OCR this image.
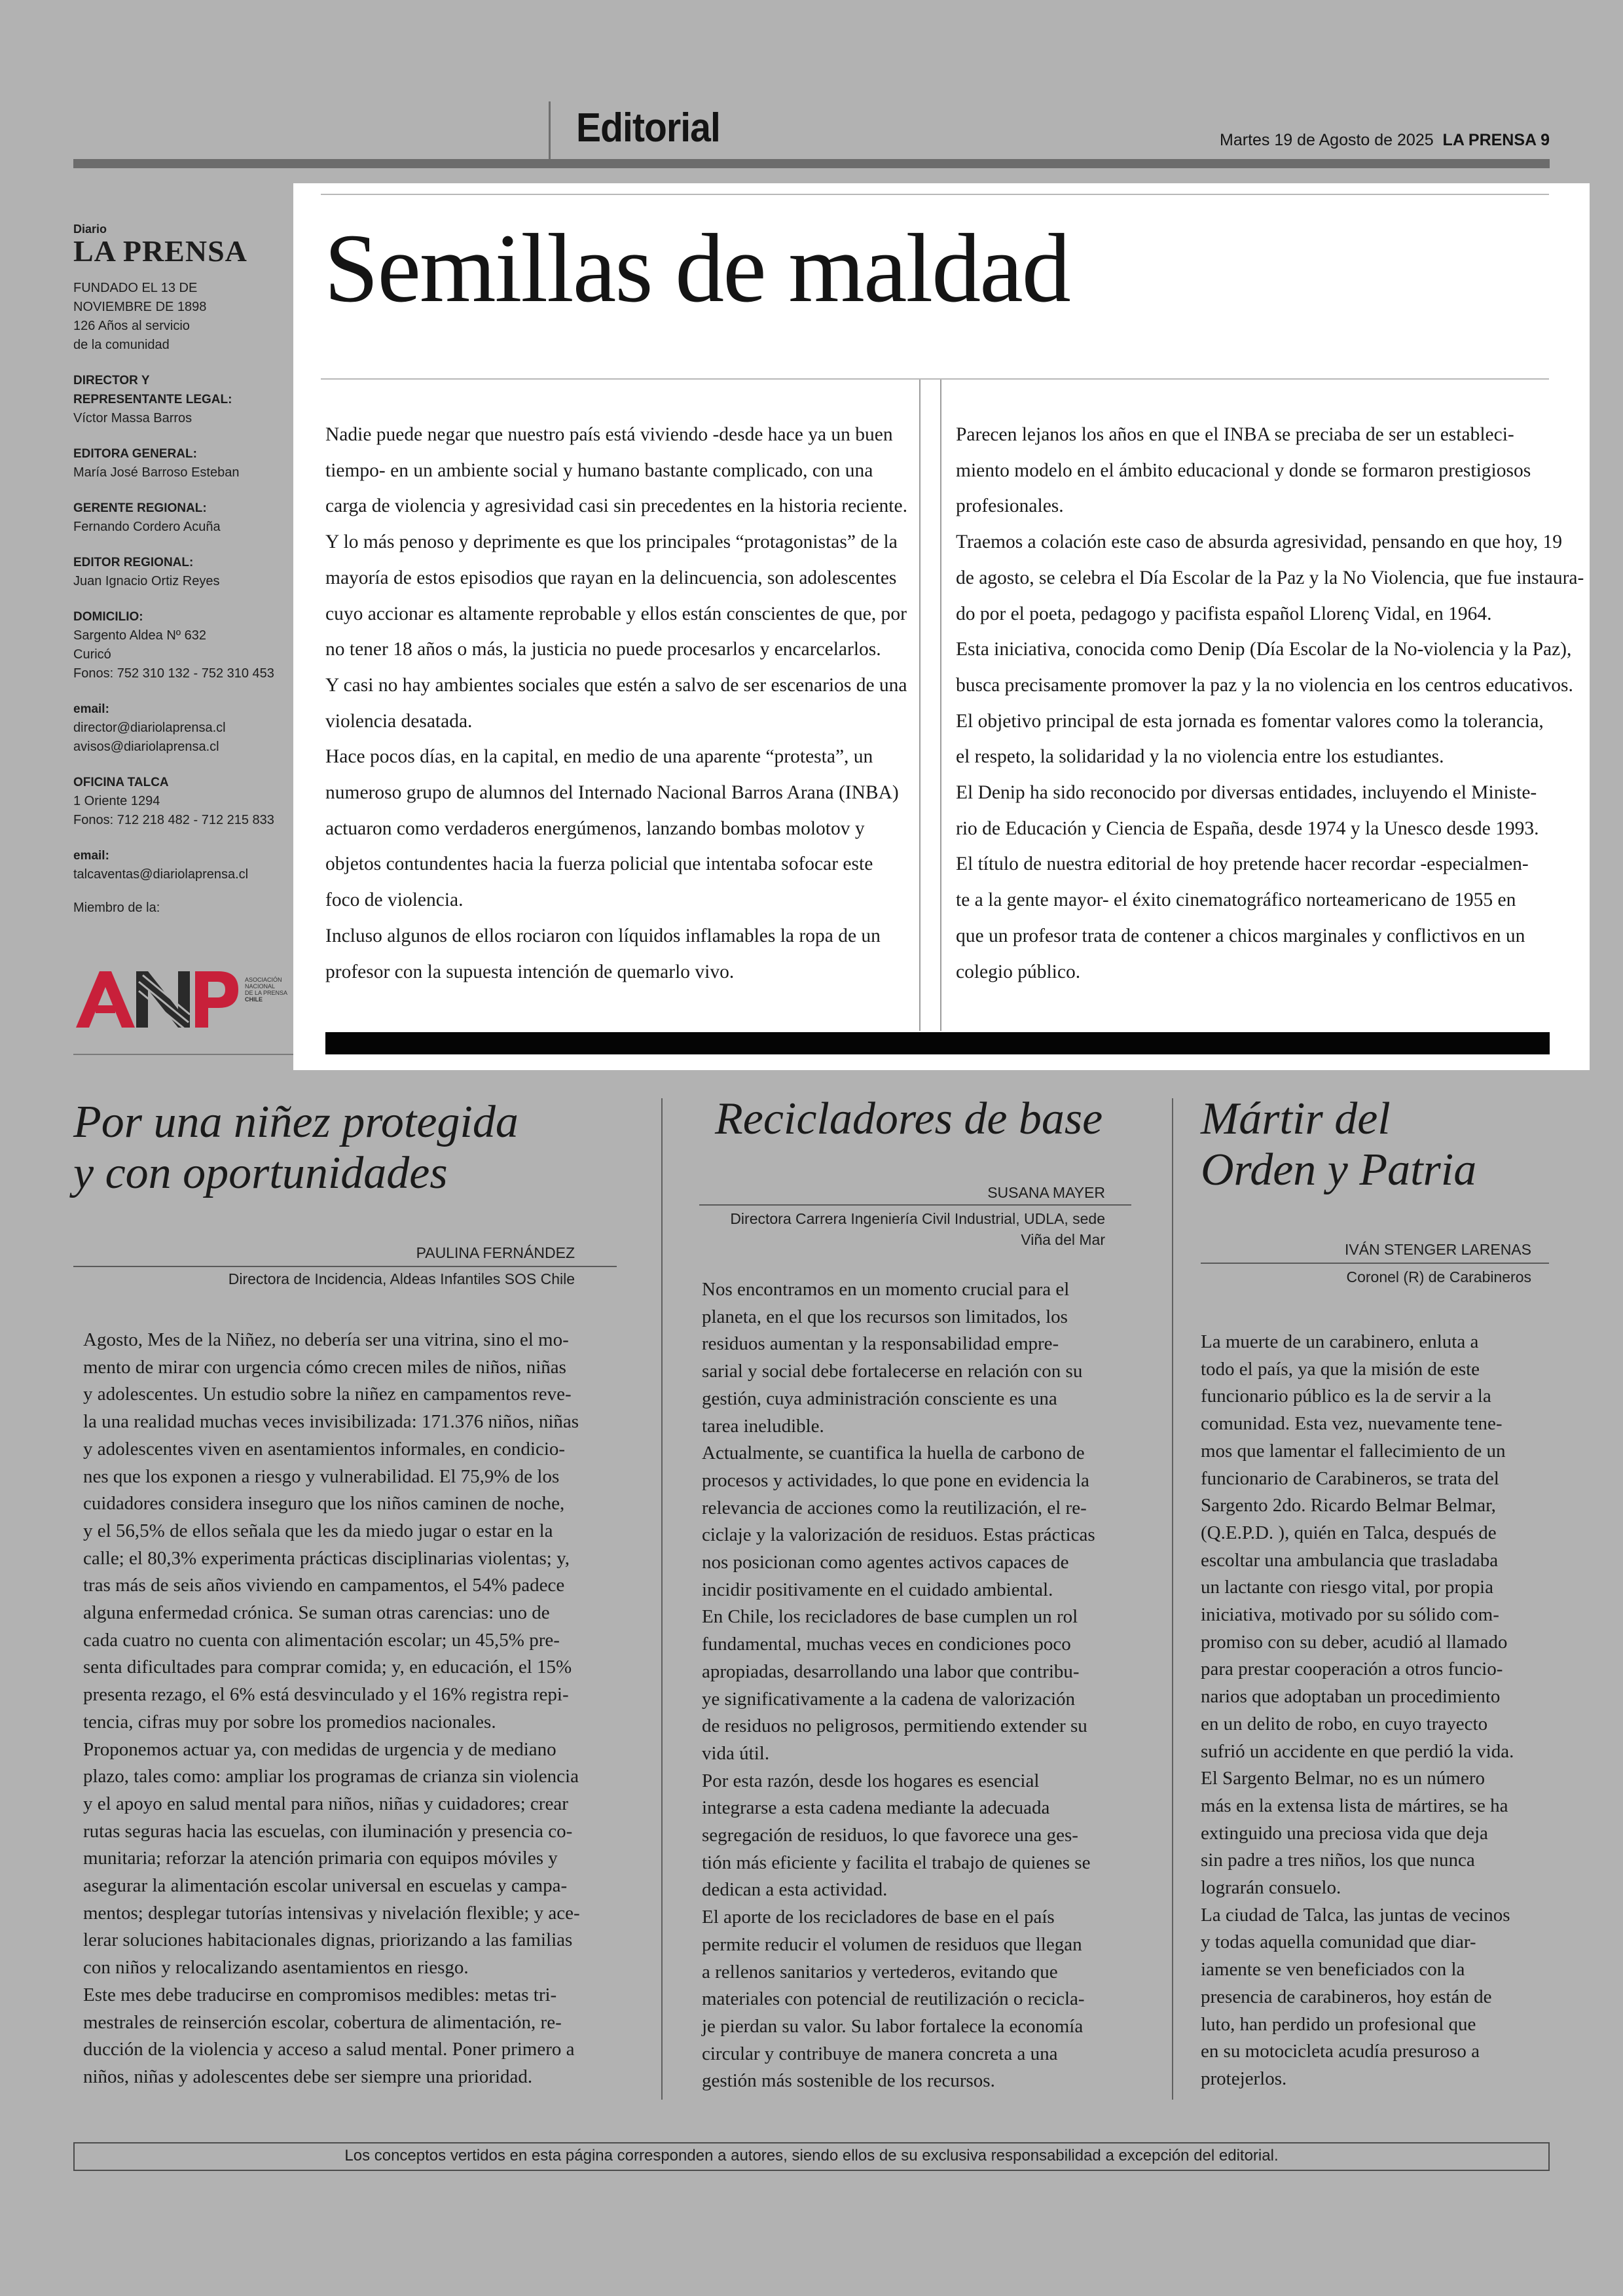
Editorial	Martes 19 de Agosto de 2025 LA PRENSA 9
Diario
LA PRENSA
FUNDADO EL 13 DE
NOVIEMBRE DE 1898
126 Años al servicio
de la comunidad
DIRECTOR Y
REPRESENTANTE LEGAL:
Víctor Massa Barros
EDITORA GENERAL:
María José Barroso Esteban
GERENTE REGIONAL:
Fernando Cordero Acuña
EDITOR REGIONAL:
Juan Ignacio Ortiz Reyes
DOMICILIO:
Sargento Aldea Nº 632
Curicó
Fonos: 752 310 132 - 752 310 453
email:
director@diariolaprensa.cl
avisos@diariolaprensa.cl
OFICINA TALCA
1 Oriente 1294
Fonos: 712 218 482 - 712 215 833
email:
talcaventas@diariolaprensa.cl
Miembro de la:
ASOCIACIÓN
NACIONAL
DE LA PRENSA
CHILE
Semillas de maldad

Nadie puede negar que nuestro país está viviendo -desde hace ya un buen

tiempo- en un ambiente social y humano bastante complicado, con una

carga de violencia y agresividad casi sin precedentes en la historia reciente.

Y lo más penoso y deprimente es que los principales “protagonistas” de la

mayoría de estos episodios que rayan en la delincuencia, son adolescentes

cuyo accionar es altamente reprobable y ellos están conscientes de que, por

no tener 18 años o más, la justicia no puede procesarlos y encarcelarlos.

Y casi no hay ambientes sociales que estén a salvo de ser escenarios de una

violencia desatada.

Hace pocos días, en la capital, en medio de una aparente “protesta”, un

numeroso grupo de alumnos del Internado Nacional Barros Arana (INBA)

actuaron como verdaderos energúmenos, lanzando bombas molotov y

objetos contundentes hacia la fuerza policial que intentaba sofocar este

foco de violencia.

Incluso algunos de ellos rociaron con líquidos inflamables la ropa de un

profesor con la supuesta intención de quemarlo vivo.

Parecen lejanos los años en que el INBA se preciaba de ser un estableci-

miento modelo en el ámbito educacional y donde se formaron prestigiosos

profesionales.

Traemos a colación este caso de absurda agresividad, pensando en que hoy, 19

de agosto, se celebra el Día Escolar de la Paz y la No Violencia, que fue instaura-

do por el poeta, pedagogo y pacifista español Llorenç Vidal, en 1964.

Esta iniciativa, conocida como Denip (Día Escolar de la No-violencia y la Paz),

busca precisamente promover la paz y la no violencia en los centros educativos.

El objetivo principal de esta jornada es fomentar valores como la tolerancia,

el respeto, la solidaridad y la no violencia entre los estudiantes.

El Denip ha sido reconocido por diversas entidades, incluyendo el Ministe-

rio de Educación y Ciencia de España, desde 1974 y la Unesco desde 1993.

El título de nuestra editorial de hoy pretende hacer recordar -especialmen-

te a la gente mayor- el éxito cinematográfico norteamericano de 1955 en

que un profesor trata de contener a chicos marginales y conflictivos en un

colegio público.

Por una niñez protegida
y con oportunidades
PAULINA FERNÁNDEZ
Directora de Incidencia, Aldeas Infantiles SOS Chile

Agosto, Mes de la Niñez, no debería ser una vitrina, sino el mo-

mento de mirar con urgencia cómo crecen miles de niños, niñas

y adolescentes. Un estudio sobre la niñez en campamentos reve-

la una realidad muchas veces invisibilizada: 171.376 niños, niñas

y adolescentes viven en asentamientos informales, en condicio-

nes que los exponen a riesgo y vulnerabilidad. El 75,9% de los

cuidadores considera inseguro que los niños caminen de noche,

y el 56,5% de ellos señala que les da miedo jugar o estar en la

calle; el 80,3% experimenta prácticas disciplinarias violentas; y,

tras más de seis años viviendo en campamentos, el 54% padece

alguna enfermedad crónica. Se suman otras carencias: uno de

cada cuatro no cuenta con alimentación escolar; un 45,5% pre-

senta dificultades para comprar comida; y, en educación, el 15%

presenta rezago, el 6% está desvinculado y el 16% registra repi-

tencia, cifras muy por sobre los promedios nacionales.

Proponemos actuar ya, con medidas de urgencia y de mediano

plazo, tales como: ampliar los programas de crianza sin violencia

y el apoyo en salud mental para niños, niñas y cuidadores; crear

rutas seguras hacia las escuelas, con iluminación y presencia co-

munitaria; reforzar la atención primaria con equipos móviles y

asegurar la alimentación escolar universal en escuelas y campa-

mentos; desplegar tutorías intensivas y nivelación flexible; y ace-

lerar soluciones habitacionales dignas, priorizando a las familias

con niños y relocalizando asentamientos en riesgo.

Este mes debe traducirse en compromisos medibles: metas tri-

mestrales de reinserción escolar, cobertura de alimentación, re-

ducción de la violencia y acceso a salud mental. Poner primero a

niños, niñas y adolescentes debe ser siempre una prioridad.

Recicladores de base
SUSANA MAYER
Directora Carrera Ingeniería Civil Industrial, UDLA, sede
Viña del Mar

Nos encontramos en un momento crucial para el

planeta, en el que los recursos son limitados, los

residuos aumentan y la responsabilidad empre-

sarial y social debe fortalecerse en relación con su

gestión, cuya administración consciente es una

tarea ineludible.

Actualmente, se cuantifica la huella de carbono de

procesos y actividades, lo que pone en evidencia la

relevancia de acciones como la reutilización, el re-

ciclaje y la valorización de residuos. Estas prácticas

nos posicionan como agentes activos capaces de

incidir positivamente en el cuidado ambiental.

En Chile, los recicladores de base cumplen un rol

fundamental, muchas veces en condiciones poco

apropiadas, desarrollando una labor que contribu-

ye significativamente a la cadena de valorización

de residuos no peligrosos, permitiendo extender su

vida útil.

Por esta razón, desde los hogares es esencial

integrarse a esta cadena mediante la adecuada

segregación de residuos, lo que favorece una ges-

tión más eficiente y facilita el trabajo de quienes se

dedican a esta actividad.

El aporte de los recicladores de base en el país

permite reducir el volumen de residuos que llegan

a rellenos sanitarios y vertederos, evitando que

materiales con potencial de reutilización o recicla-

je pierdan su valor. Su labor fortalece la economía

circular y contribuye de manera concreta a una

gestión más sostenible de los recursos.

Mártir del
Orden y Patria
IVÁN STENGER LARENAS
Coronel (R) de Carabineros

La muerte de un carabinero, enluta a

todo el país, ya que la misión de este

funcionario público es la de servir a la

comunidad. Esta vez, nuevamente tene-

mos que lamentar el fallecimiento de un

funcionario de Carabineros, se trata del

Sargento 2do. Ricardo Belmar Belmar,

(Q.E.P.D. ), quién en Talca, después de

escoltar una ambulancia que trasladaba

un lactante con riesgo vital, por propia

iniciativa, motivado por su sólido com-

promiso con su deber, acudió al llamado

para prestar cooperación a otros funcio-

narios que adoptaban un procedimiento

en un delito de robo, en cuyo trayecto

sufrió un accidente en que perdió la vida.

El Sargento Belmar, no es un número

más en la extensa lista de mártires, se ha

extinguido una preciosa vida que deja

sin padre a tres niños, los que nunca

lograrán consuelo.

La ciudad de Talca, las juntas de vecinos

y todas aquella comunidad que diar-

iamente se ven beneficiados con la

presencia de carabineros, hoy están de

luto, han perdido un profesional que

en su motocicleta acudía presuroso a

protejerlos.

Los conceptos vertidos en esta página corresponden a autores, siendo ellos de su exclusiva responsabilidad a excepción del editorial.
